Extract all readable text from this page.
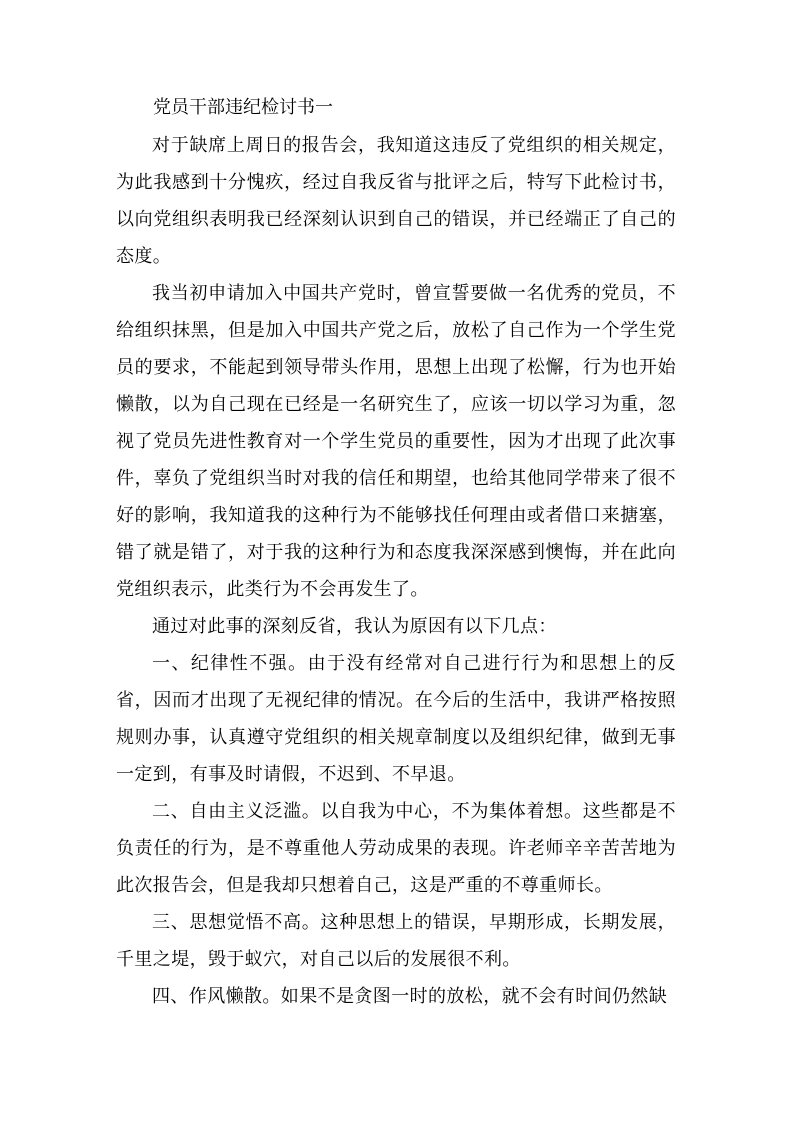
党员干部违纪检讨书一

对于缺席上周日的报告会，我知道这违反了党组织的相关规定，为此我感到十分愧疚，经过自我反省与批评之后，特写下此检讨书，以向党组织表明我已经深刻认识到自己的错误，并已经端正了自己的态度。

我当初申请加入中国共产党时，曾宣誓要做一名优秀的党员，不给组织抹黑，但是加入中国共产党之后，放松了自己作为一个学生党员的要求，不能起到领导带头作用，思想上出现了松懈，行为也开始懒散，以为自己现在已经是一名研究生了，应该一切以学习为重，忽视了党员先进性教育对一个学生党员的重要性，因为才出现了此次事件，辜负了党组织当时对我的信任和期望，也给其他同学带来了很不好的影响，我知道我的这种行为不能够找任何理由或者借口来搪塞，错了就是错了，对于我的这种行为和态度我深深感到懊悔，并在此向党组织表示，此类行为不会再发生了。

通过对此事的深刻反省，我认为原因有以下几点：

一、纪律性不强。由于没有经常对自己进行行为和思想上的反省，因而才出现了无视纪律的情况。在今后的生活中，我讲严格按照规则办事，认真遵守党组织的相关规章制度以及组织纪律，做到无事一定到，有事及时请假，不迟到、不早退。

二、自由主义泛滥。以自我为中心，不为集体着想。这些都是不负责任的行为，是不尊重他人劳动成果的表现。许老师辛辛苦苦地为此次报告会，但是我却只想着自己，这是严重的不尊重师长。

三、思想觉悟不高。这种思想上的错误，早期形成，长期发展，千里之堤，毁于蚁穴，对自己以后的发展很不利。

四、作风懒散。如果不是贪图一时的放松，就不会有时间仍然缺
